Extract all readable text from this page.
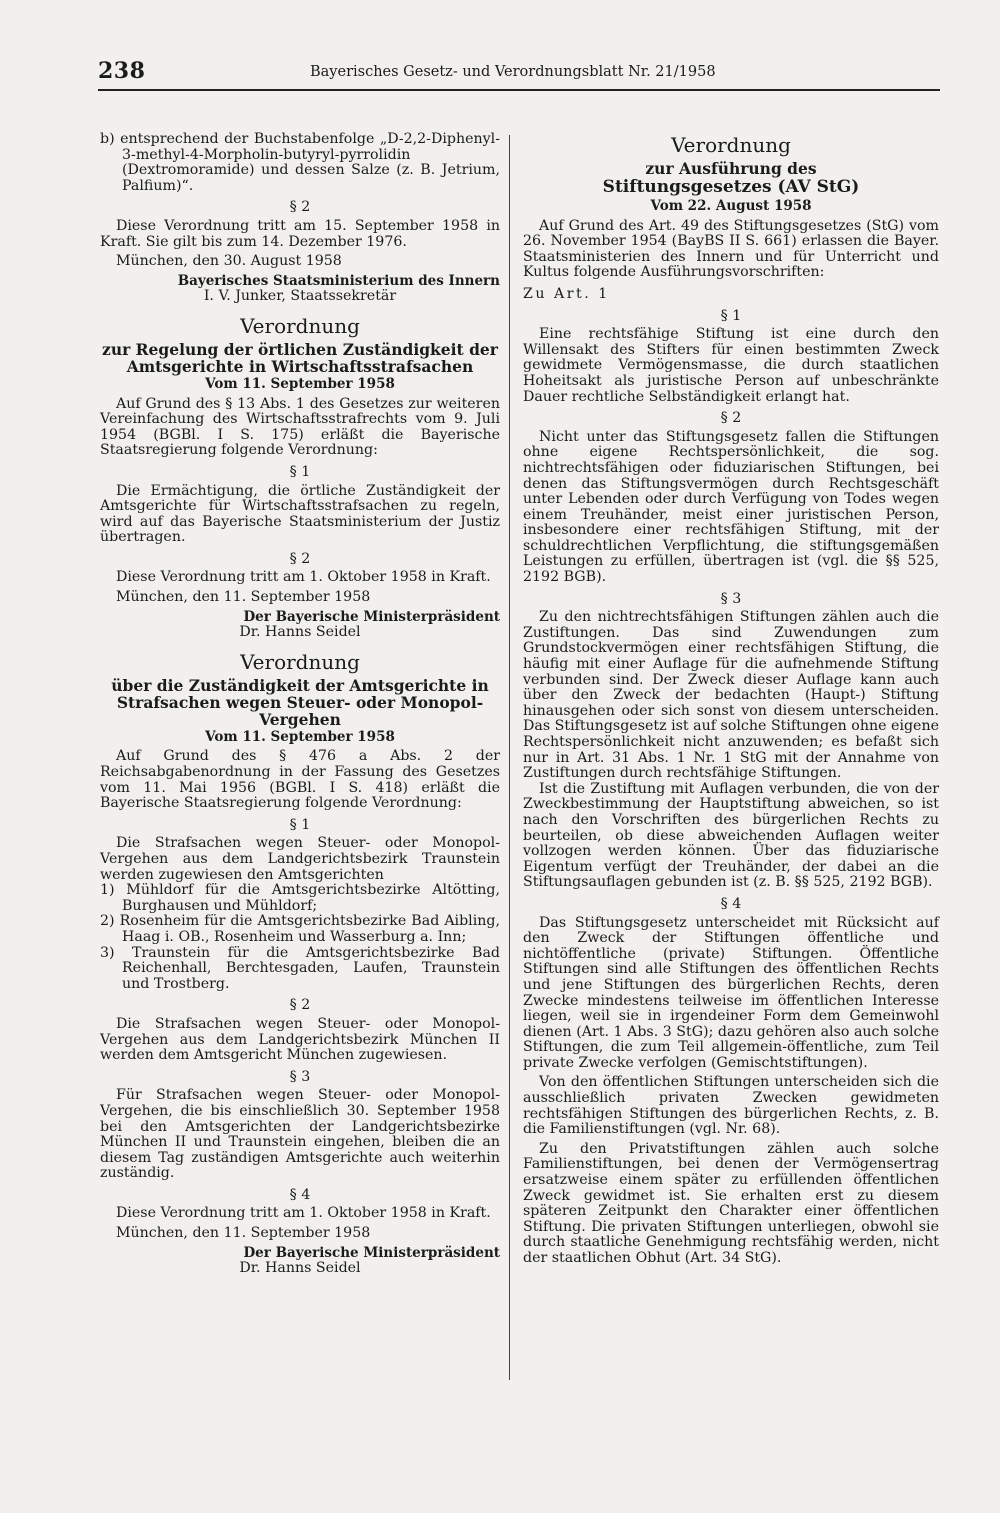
238	Bayerisches Gesetz- und Verordnungsblatt Nr. 21/1958

b) entsprechend der Buchstabenfolge „D-2,2-Diphenyl-3-methyl-4-Morpholin-butyryl-pyrrolidin (Dextromoramide) und dessen Salze (z. B. Jetrium, Palfium)“.

§ 2

Diese Verordnung tritt am 15. September 1958 in Kraft. Sie gilt bis zum 14. Dezember 1976.

München, den 30. August 1958

Bayerisches Staatsministerium des Innern

I. V. Junker, Staatssekretär

Verordnung

zur Regelung der örtlichen Zuständigkeit der Amtsgerichte in Wirtschaftsstrafsachen

Vom 11. September 1958

Auf Grund des § 13 Abs. 1 des Gesetzes zur weiteren Vereinfachung des Wirtschaftsstrafrechts vom 9. Juli 1954 (BGBl. I S. 175) erläßt die Bayerische Staatsregierung folgende Verordnung:

§ 1

Die Ermächtigung, die örtliche Zuständigkeit der Amtsgerichte für Wirtschaftsstrafsachen zu regeln, wird auf das Bayerische Staatsministerium der Justiz übertragen.

§ 2

Diese Verordnung tritt am 1. Oktober 1958 in Kraft.

München, den 11. September 1958

Der Bayerische Ministerpräsident

Dr. Hanns Seidel

Verordnung

über die Zuständigkeit der Amtsgerichte in Strafsachen wegen Steuer- oder Monopol-Vergehen

Vom 11. September 1958

Auf Grund des § 476 a Abs. 2 der Reichsabgabenordnung in der Fassung des Gesetzes vom 11. Mai 1956 (BGBl. I S. 418) erläßt die Bayerische Staatsregierung folgende Verordnung:

§ 1

Die Strafsachen wegen Steuer- oder Monopol-Vergehen aus dem Landgerichtsbezirk Traunstein werden zugewiesen den Amtsgerichten

1) Mühldorf für die Amtsgerichtsbezirke Altötting, Burghausen und Mühldorf;

2) Rosenheim für die Amtsgerichtsbezirke Bad Aibling, Haag i. OB., Rosenheim und Wasserburg a. Inn;

3) Traunstein für die Amtsgerichtsbezirke Bad Reichenhall, Berchtesgaden, Laufen, Traunstein und Trostberg.

§ 2

Die Strafsachen wegen Steuer- oder Monopol-Vergehen aus dem Landgerichtsbezirk München II werden dem Amtsgericht München zugewiesen.

§ 3

Für Strafsachen wegen Steuer- oder Monopol-Vergehen, die bis einschließlich 30. September 1958 bei den Amtsgerichten der Landgerichtsbezirke München II und Traunstein eingehen, bleiben die an diesem Tag zuständigen Amtsgerichte auch weiterhin zuständig.

§ 4

Diese Verordnung tritt am 1. Oktober 1958 in Kraft.

München, den 11. September 1958

Der Bayerische Ministerpräsident

Dr. Hanns Seidel

Verordnung

zur Ausführung des

Stiftungsgesetzes (AV StG)

Vom 22. August 1958

Auf Grund des Art. 49 des Stiftungsgesetzes (StG) vom 26. November 1954 (BayBS II S. 661) erlassen die Bayer. Staatsministerien des Innern und für Unterricht und Kultus folgende Ausführungsvorschriften:

Zu Art. 1

§ 1

Eine rechtsfähige Stiftung ist eine durch den Willensakt des Stifters für einen bestimmten Zweck gewidmete Vermögensmasse, die durch staatlichen Hoheitsakt als juristische Person auf unbeschränkte Dauer rechtliche Selbständigkeit erlangt hat.

§ 2

Nicht unter das Stiftungsgesetz fallen die Stiftungen ohne eigene Rechtspersönlichkeit, die sog. nichtrechtsfähigen oder fiduziarischen Stiftungen, bei denen das Stiftungsvermögen durch Rechtsgeschäft unter Lebenden oder durch Verfügung von Todes wegen einem Treuhänder, meist einer juristischen Person, insbesondere einer rechtsfähigen Stiftung, mit der schuldrechtlichen Verpflichtung, die stiftungsgemäßen Leistungen zu erfüllen, übertragen ist (vgl. die §§ 525, 2192 BGB).

§ 3

Zu den nichtrechtsfähigen Stiftungen zählen auch die Zustiftungen. Das sind Zuwendungen zum Grundstockvermögen einer rechtsfähigen Stiftung, die häufig mit einer Auflage für die aufnehmende Stiftung verbunden sind. Der Zweck dieser Auflage kann auch über den Zweck der bedachten (Haupt-) Stiftung hinausgehen oder sich sonst von diesem unterscheiden. Das Stiftungsgesetz ist auf solche Stiftungen ohne eigene Rechtspersönlichkeit nicht anzuwenden; es befaßt sich nur in Art. 31 Abs. 1 Nr. 1 StG mit der Annahme von Zustiftungen durch rechtsfähige Stiftungen.

Ist die Zustiftung mit Auflagen verbunden, die von der Zweckbestimmung der Hauptstiftung abweichen, so ist nach den Vorschriften des bürgerlichen Rechts zu beurteilen, ob diese abweichenden Auflagen weiter vollzogen werden können. Über das fiduziarische Eigentum verfügt der Treuhänder, der dabei an die Stiftungsauflagen gebunden ist (z. B. §§ 525, 2192 BGB).

§ 4

Das Stiftungsgesetz unterscheidet mit Rücksicht auf den Zweck der Stiftungen öffentliche und nichtöffentliche (private) Stiftungen. Öffentliche Stiftungen sind alle Stiftungen des öffentlichen Rechts und jene Stiftungen des bürgerlichen Rechts, deren Zwecke mindestens teilweise im öffentlichen Interesse liegen, weil sie in irgendeiner Form dem Gemeinwohl dienen (Art. 1 Abs. 3 StG); dazu gehören also auch solche Stiftungen, die zum Teil allgemein-öffentliche, zum Teil private Zwecke verfolgen (Gemischtstiftungen).

Von den öffentlichen Stiftungen unterscheiden sich die ausschließlich privaten Zwecken gewidmeten rechtsfähigen Stiftungen des bürgerlichen Rechts, z. B. die Familienstiftungen (vgl. Nr. 68).

Zu den Privatstiftungen zählen auch solche Familienstiftungen, bei denen der Vermögensertrag ersatzweise einem später zu erfüllenden öffentlichen Zweck gewidmet ist. Sie erhalten erst zu diesem späteren Zeitpunkt den Charakter einer öffentlichen Stiftung. Die privaten Stiftungen unterliegen, obwohl sie durch staatliche Genehmigung rechtsfähig werden, nicht der staatlichen Obhut (Art. 34 StG).
